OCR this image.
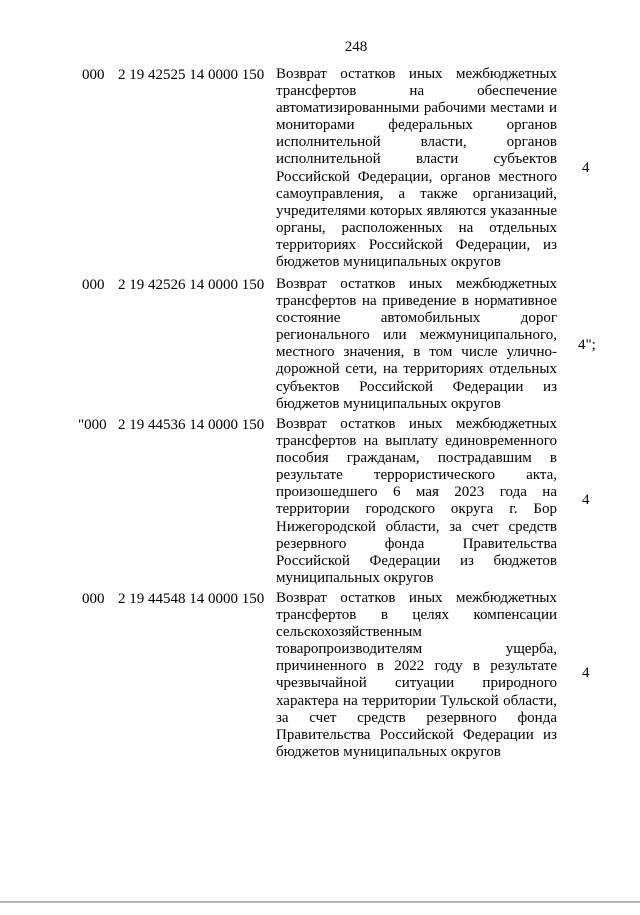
248
000 2 19 42525 14 0000 150 Возврат остатков иных межбюджетных
трансфертов на обеспечение
автоматизированными рабочими местами и
мониторами федеральных органов
исполнительной власти, органов
исполнительной власти субъектов
Российской Федерации, органов местного
самоуправления, а также организаций,
учредителями которых являются указанные
органы, расположенных на отдельных
территориях Российской Федерации, из
бюджетов муниципальных округов

4
000 2 19 42526 14 0000 150 Возврат остатков иных межбюджетных
трансфертов на приведение в нормативное
состояние автомобильных дорог
регионального или межмуниципального,
местного значения, в том числе улично-
дорожной сети, на территориях отдельных
субъектов Российской Федерации из
бюджетов муниципальных округов

4";
"000 2 19 44536 14 0000 150 Возврат остатков иных межбюджетных
трансфертов на выплату единовременного
пособия гражданам, пострадавшим в
результате террористического акта,
произошедшего 6 мая 2023 года на
территории городского округа г. Бор
Нижегородской области, за счет средств
резервного фонда Правительства
Российской Федерации из бюджетов
муниципальных округов

4
000 2 19 44548 14 0000 150 Возврат остатков иных межбюджетных
трансфертов в целях компенсации
сельскохозяйственным
товаропроизводителям ущерба,
причиненного в 2022 году в результате
чрезвычайной ситуации природного
характера на территории Тульской области,
за счет средств резервного фонда
Правительства Российской Федерации из
бюджетов муниципальных округов

4
